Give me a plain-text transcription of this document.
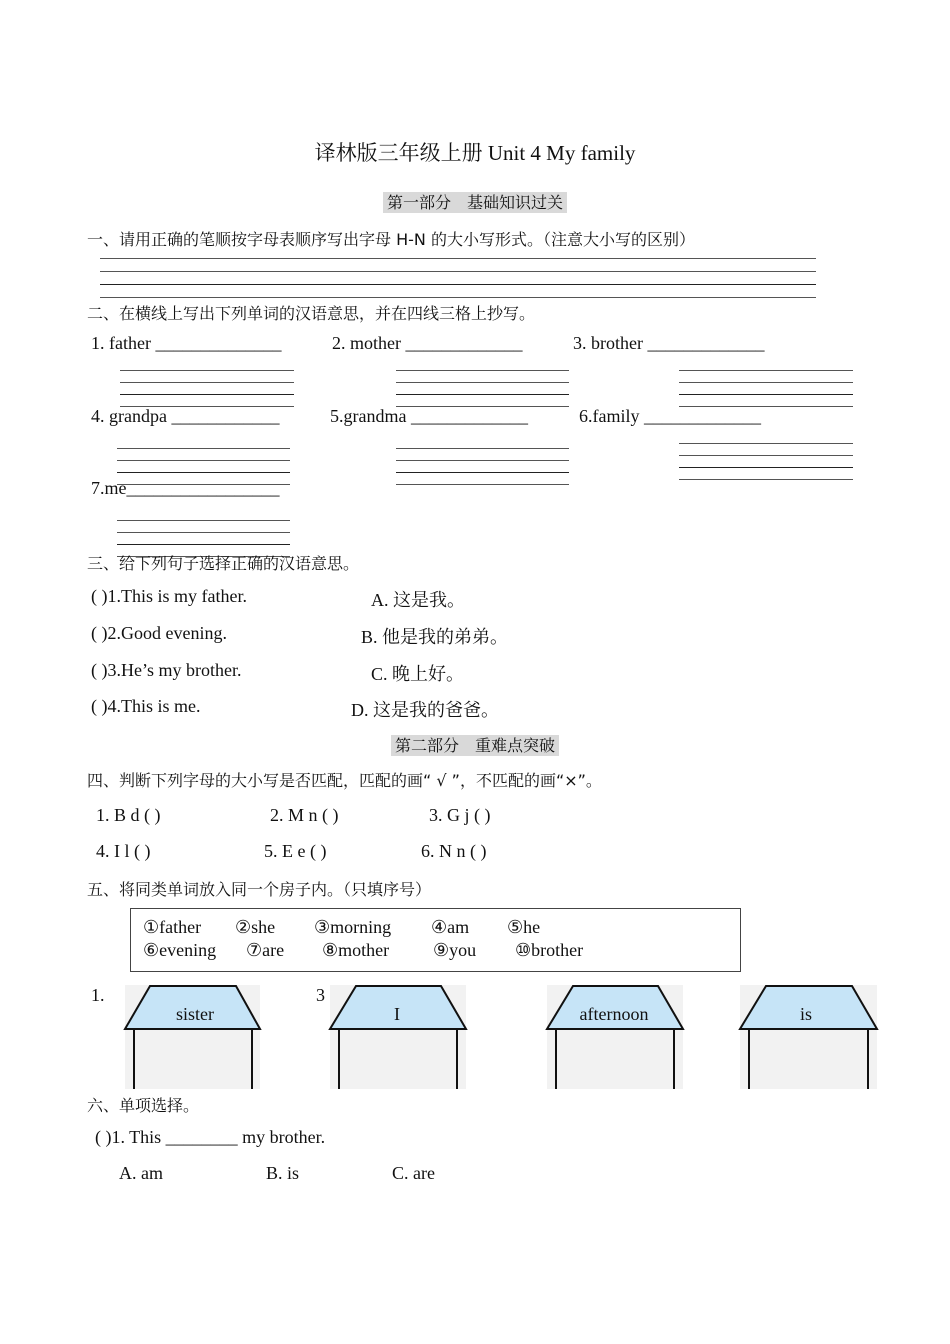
译林版三年级上册 Unit 4 My family
第一部分　基础知识过关
一、请用正确的笔顺按字母表顺序写出字母 H-N 的大小写形式。（注意大小写的区别）
二、在横线上写出下列单词的汉语意思，并在四线三格上抄写。
1. father ______________	2. mother _____________	3. brother _____________
4. grandpa ____________	5.grandma _____________	6.family _____________
7.me_________________
三、给下列句子选择正确的汉语意思。
( )1.This is my father.	A. 这是我。
( )2.Good evening.	B. 他是我的弟弟。
( )3.He’s my brother.	C. 晚上好。
( )4.This is me.	D. 这是我的爸爸。
第二部分　重难点突破
四、判断下列字母的大小写是否匹配，匹配的画“ √ ”，不匹配的画“×”。
1. B d ( )	2. M n ( )	3. G j ( )
4. I l ( )	5. E e ( )	6. N n ( )
五、将同类单词放入同一个房子内。（只填序号）
①father ②she ③morning ④am ⑤he
⑥evening ⑦are ⑧mother ⑨you ⑩brother
1.	3
sister	I	afternoon	is
六、单项选择。
( )1. This ________ my brother.
A. am	B. is	C. are
